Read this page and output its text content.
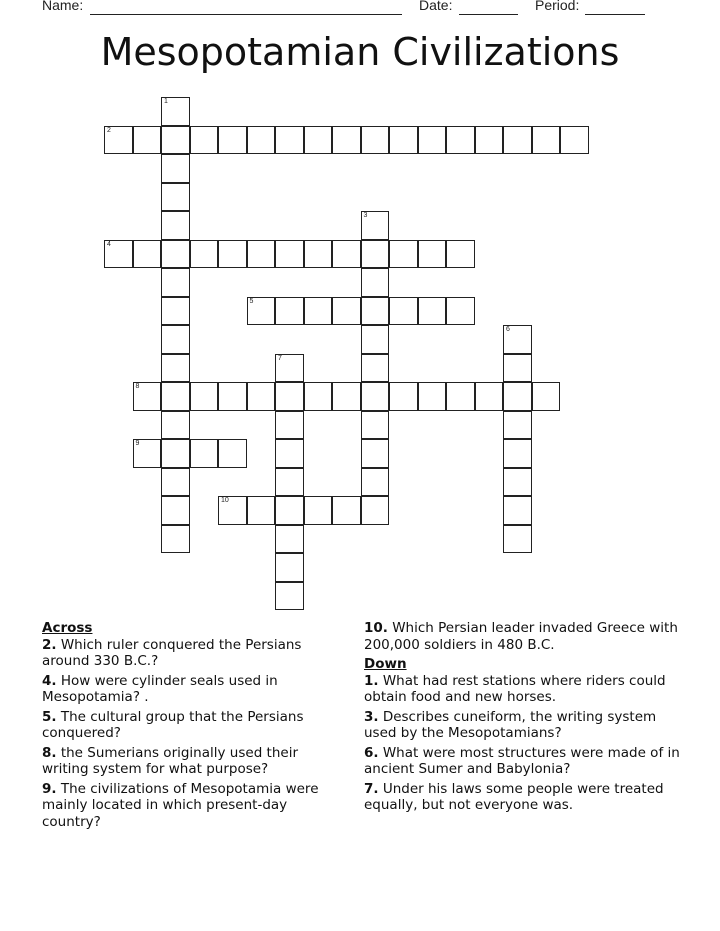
Name:	Date:	Period:
Mesopotamian Civilizations
1
2
3
4
5
6
7
8
9
10
Across
2. Which ruler conquered the Persians around 330 B.C.?
4. How were cylinder seals used in Mesopotamia? .
5. The cultural group that the Persians conquered?
8. the Sumerians originally used their writing system for what purpose?
9. The civilizations of Mesopotamia were mainly located in which present-day country?
10. Which Persian leader invaded Greece with 200,000 soldiers in 480 B.C.
Down
1. What had rest stations where riders could obtain food and new horses.
3. Describes cuneiform, the writing system used by the Mesopotamians?
6. What were most structures were made of in ancient Sumer and Babylonia?
7. Under his laws some people were treated equally, but not everyone was.
